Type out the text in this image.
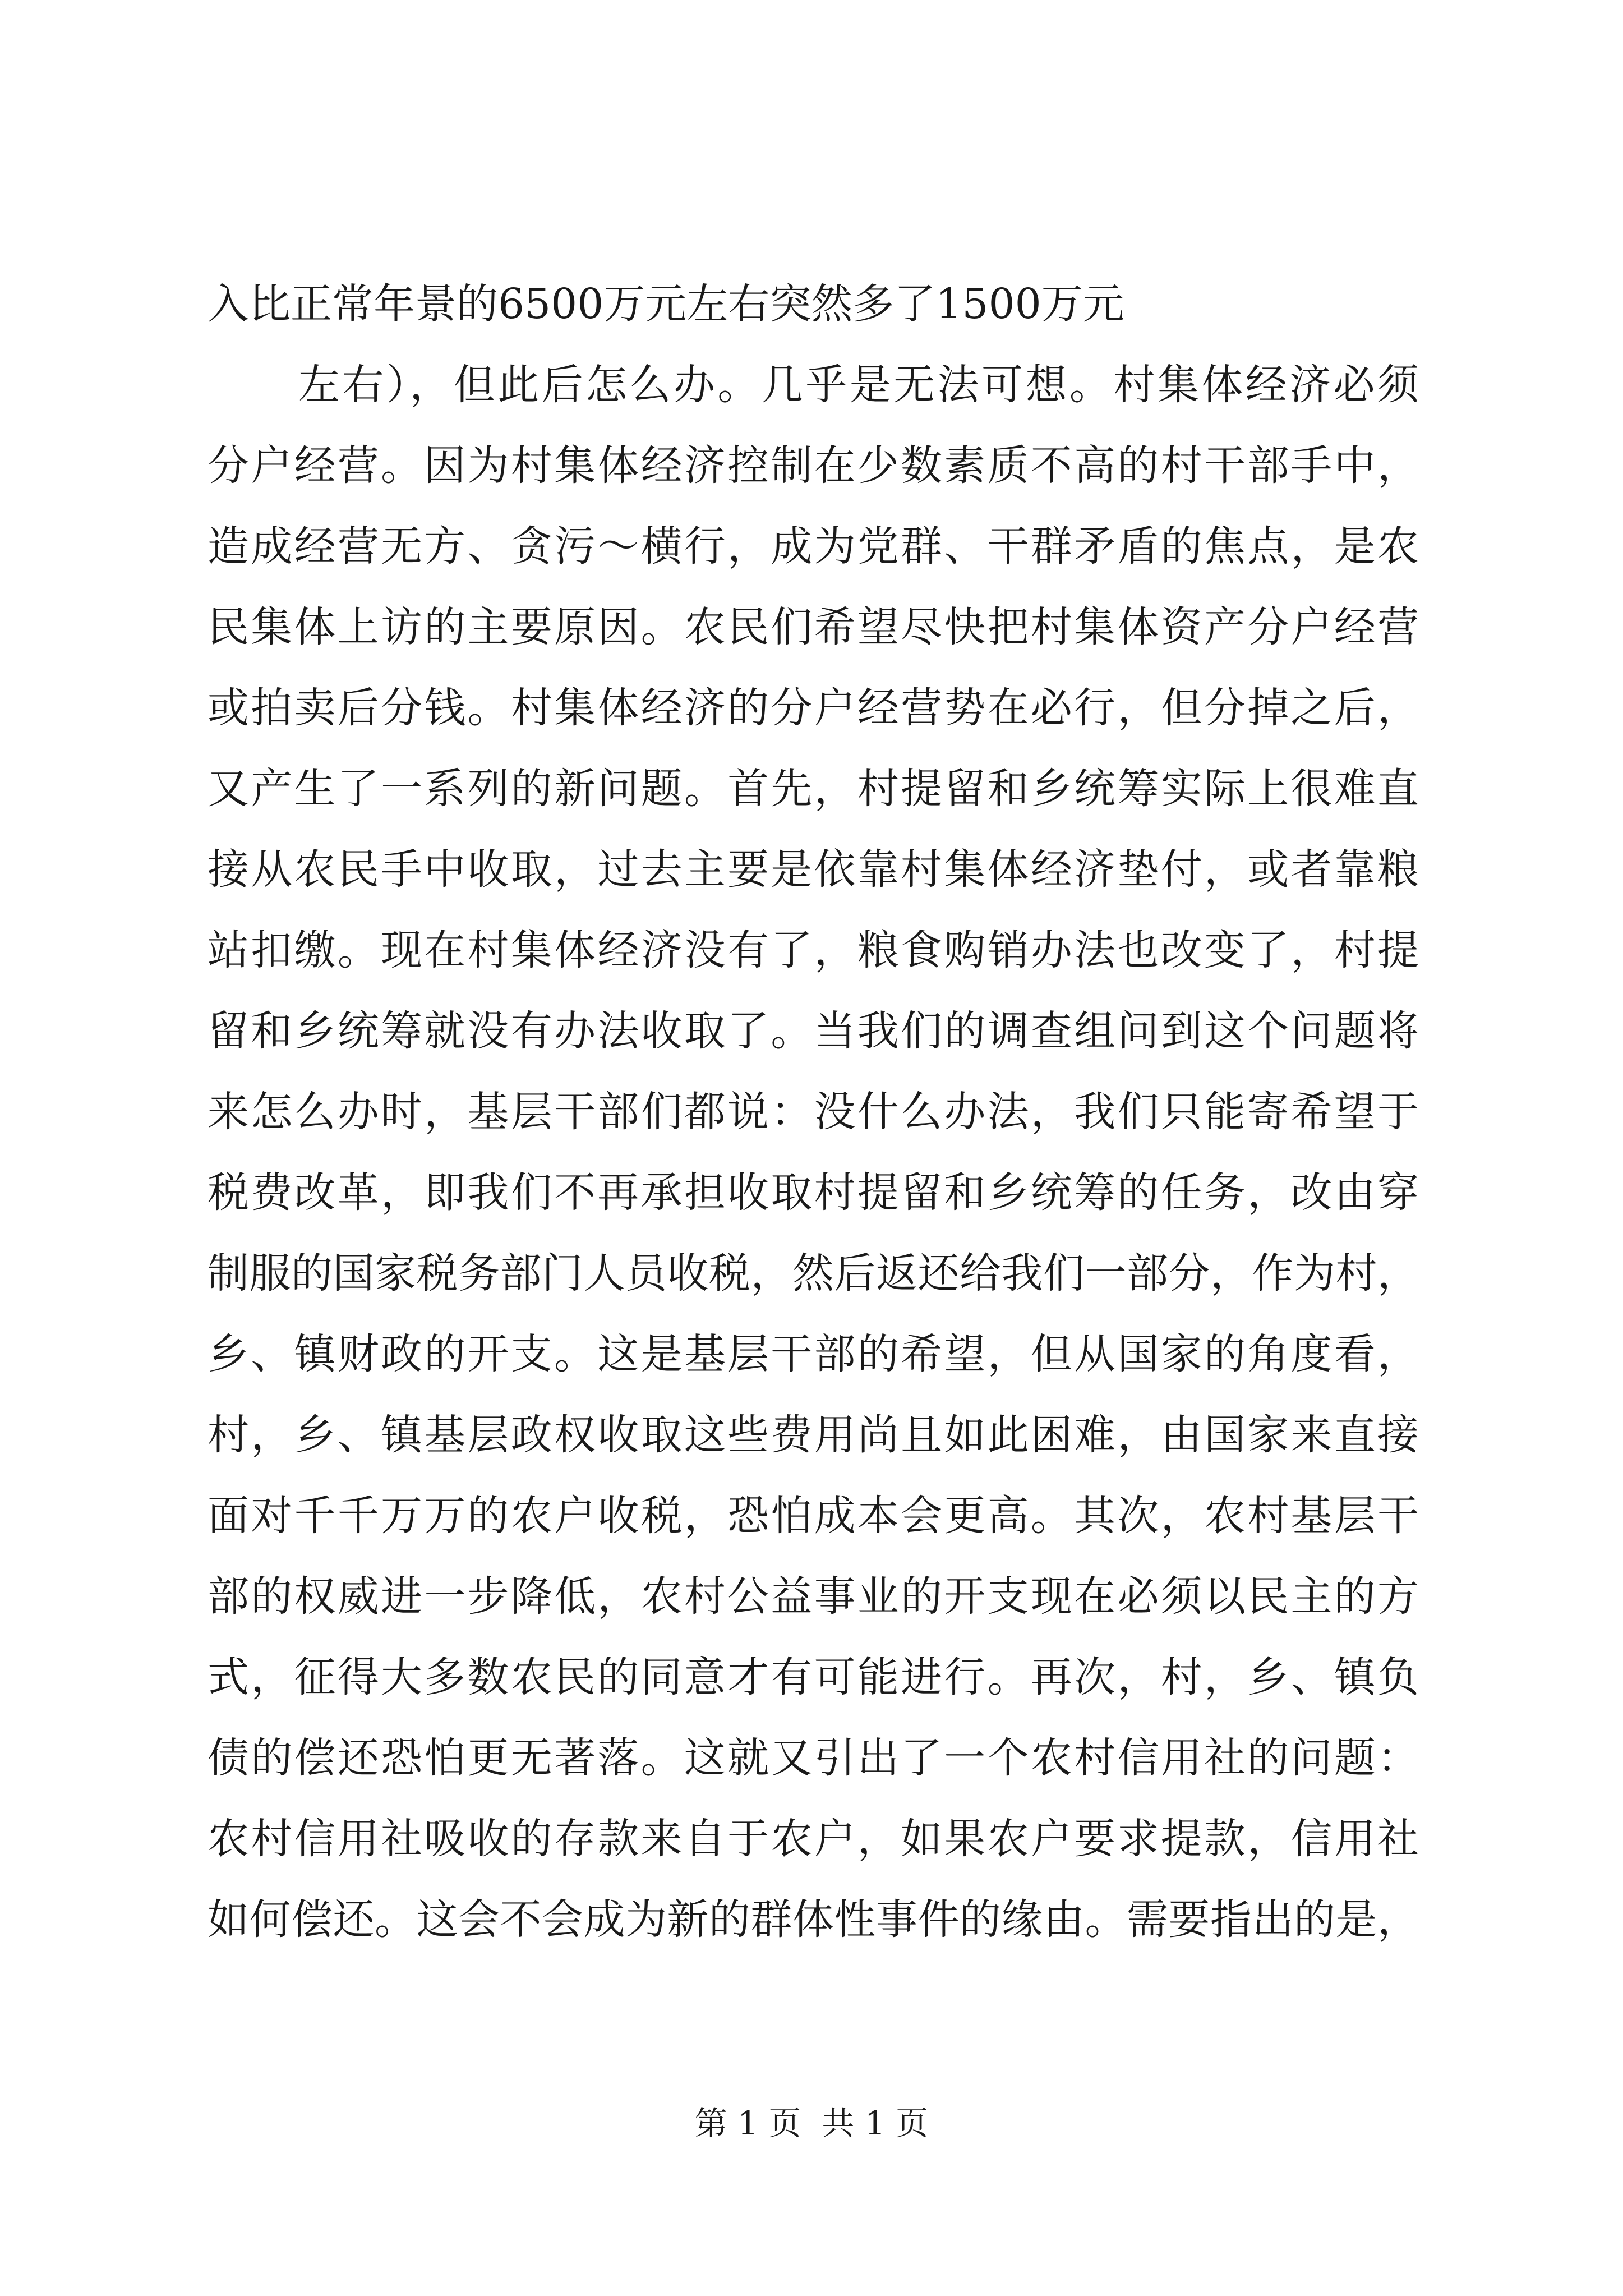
入比正常年景的6500万元左右突然多了1500万元
左右），但此后怎么办。几乎是无法可想。村集体经济必须
分户经营。因为村集体经济控制在少数素质不高的村干部手中，
造成经营无方、贪污～横行，成为党群、干群矛盾的焦点，是农
民集体上访的主要原因。农民们希望尽快把村集体资产分户经营
或拍卖后分钱。村集体经济的分户经营势在必行，但分掉之后，
又产生了一系列的新问题。首先，村提留和乡统筹实际上很难直
接从农民手中收取，过去主要是依靠村集体经济垫付，或者靠粮
站扣缴。现在村集体经济没有了，粮食购销办法也改变了，村提
留和乡统筹就没有办法收取了。当我们的调查组问到这个问题将
来怎么办时，基层干部们都说：没什么办法，我们只能寄希望于
税费改革，即我们不再承担收取村提留和乡统筹的任务，改由穿
制服的国家税务部门人员收税，然后返还给我们一部分，作为村，
乡、镇财政的开支。这是基层干部的希望，但从国家的角度看，
村，乡、镇基层政权收取这些费用尚且如此困难，由国家来直接
面对千千万万的农户收税，恐怕成本会更高。其次，农村基层干
部的权威进一步降低，农村公益事业的开支现在必须以民主的方
式，征得大多数农民的同意才有可能进行。再次，村，乡、镇负
债的偿还恐怕更无著落。这就又引出了一个农村信用社的问题：
农村信用社吸收的存款来自于农户，如果农户要求提款，信用社
如何偿还。这会不会成为新的群体性事件的缘由。需要指出的是，
第 1 页  共 1 页
